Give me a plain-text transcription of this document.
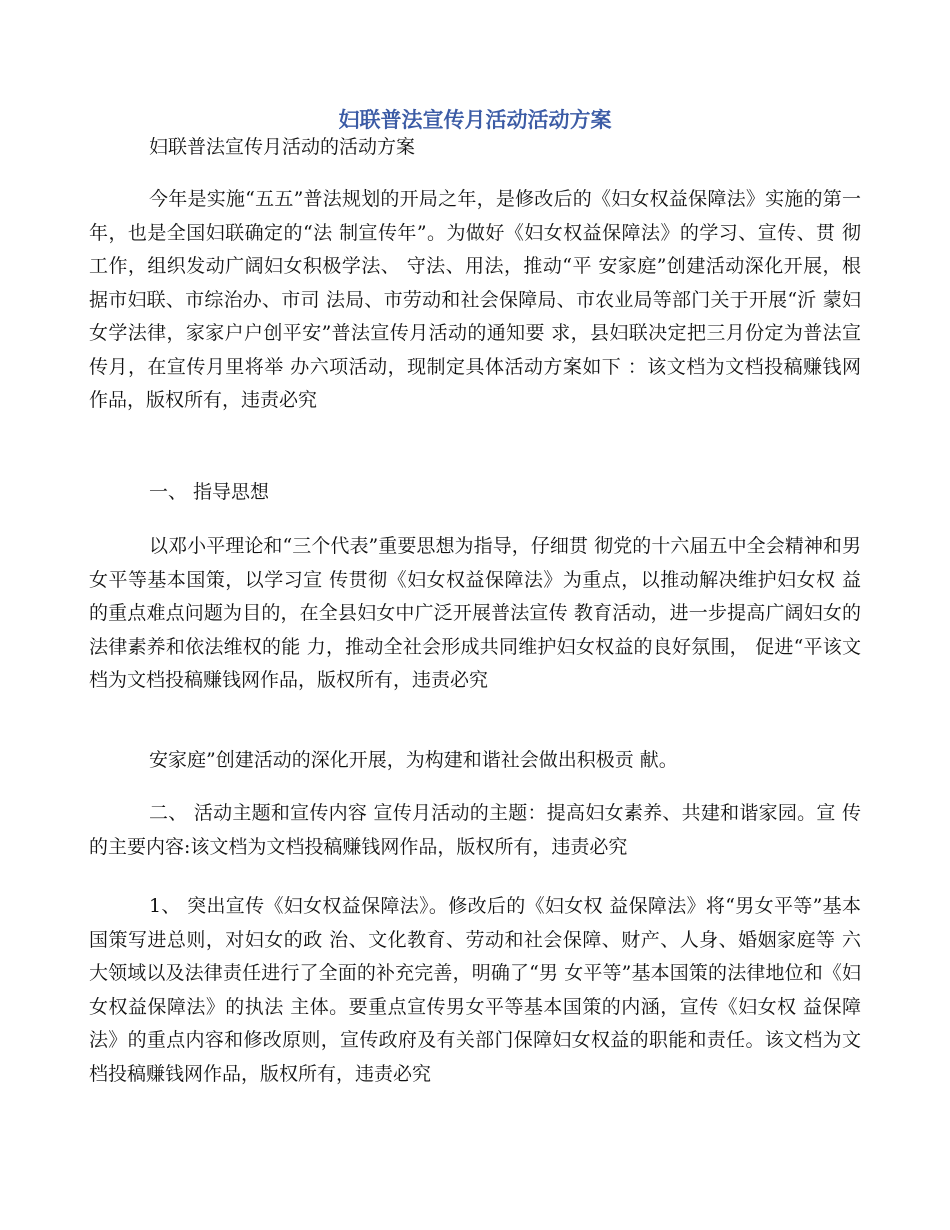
妇联普法宣传月活动活动方案

妇联普法宣传月活动的活动方案

今年是实施“五五”普法规划的开局之年，是修改后的《妇女权益保障法》实施的第一年，也是全国妇联确定的“法 制宣传年”。为做好《妇女权益保障法》的学习、宣传、贯 彻工作，组织发动广阔妇女积极学法、 守法、用法，推动“平 安家庭”创建活动深化开展，根据市妇联、市综治办、市司 法局、市劳动和社会保障局、市农业局等部门关于开展“沂 蒙妇女学法律，家家户户创平安”普法宣传月活动的通知要 求，县妇联决定把三月份定为普法宣传月，在宣传月里将举 办六项活动，现制定具体活动方案如下 ：该文档为文档投稿赚钱网作品，版权所有，违责必究

一、 指导思想

以邓小平理论和“三个代表”重要思想为指导，仔细贯 彻党的十六届五中全会精神和男女平等基本国策，以学习宣 传贯彻《妇女权益保障法》为重点，以推动解决维护妇女权 益的重点难点问题为目的，在全县妇女中广泛开展普法宣传 教育活动，进一步提高广阔妇女的法律素养和依法维权的能 力，推动全社会形成共同维护妇女权益的良好氛围， 促进“平该文档为文档投稿赚钱网作品，版权所有，违责必究

安家庭”创建活动的深化开展，为构建和谐社会做出积极贡 献。

二、 活动主题和宣传内容 宣传月活动的主题：提高妇女素养、共建和谐家园。宣 传的主要内容:该文档为文档投稿赚钱网作品，版权所有，违责必究

1、 突出宣传《妇女权益保障法》。修改后的《妇女权 益保障法》将“男女平等”基本国策写进总则，对妇女的政 治、文化教育、劳动和社会保障、财产、人身、婚姻家庭等 六大领域以及法律责任进行了全面的补充完善，明确了“男 女平等”基本国策的法律地位和《妇女权益保障法》的执法 主体。要重点宣传男女平等基本国策的内涵，宣传《妇女权 益保障法》的重点内容和修改原则，宣传政府及有关部门保障妇女权益的职能和责任。该文档为文档投稿赚钱网作品，版权所有，违责必究
